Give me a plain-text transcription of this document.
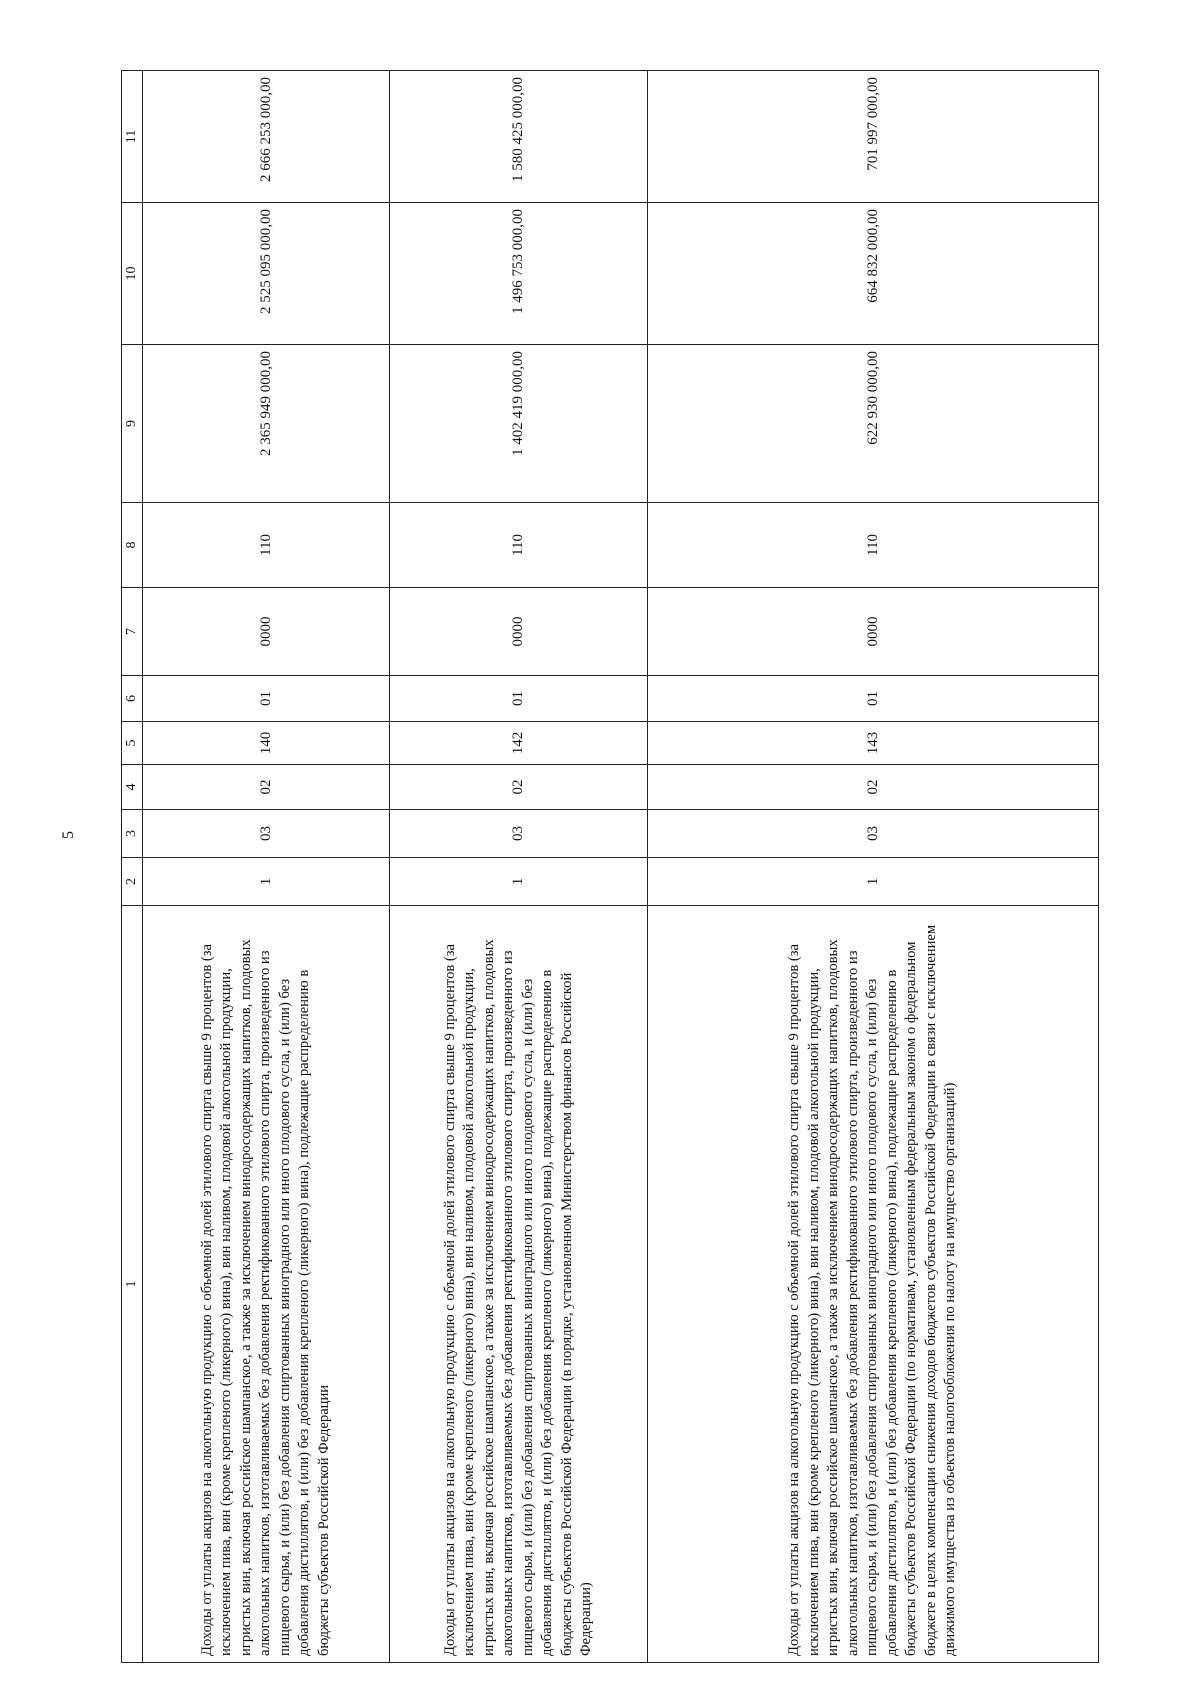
5
1	2	3	4	5	6	7	8	9	10	11
Доходы от уплаты акцизов на алкогольную продукцию с объемной долей этилового спирта свыше 9 процентов (за исключением пива, вин (кроме крепленого (ликерного) вина), вин наливом, плодовой алкогольной продукции, игристых вин, включая российское шампанское, а также за исключением винодросодержащих напитков, плодовых алкогольных напитков, изготавливаемых без добавления ректификованного этилового спирта, произведенного из пищевого сырья, и (или) без добавления спиртованных виноградного или иного плодового сусла, и (или) без добавления дистиллятов, и (или) без добавления крепленого (ликерного) вина), подлежащие распределению в бюджеты субъектов Российской Федерации	1	03	02	140	01	0000	110	2 365 949 000,00	2 525 095 000,00	2 666 253 000,00
Доходы от уплаты акцизов на алкогольную продукцию с объемной долей этилового спирта свыше 9 процентов (за исключением пива, вин (кроме крепленого (ликерного) вина), вин наливом, плодовой алкогольной продукции, игристых вин, включая российское шампанское, а также за исключением винодросодержащих напитков, плодовых алкогольных напитков, изготавливаемых без добавления ректификованного этилового спирта, произведенного из пищевого сырья, и (или) без добавления спиртованных виноградного или иного плодового сусла, и (или) без добавления дистиллятов, и (или) без добавления крепленого (ликерного) вина), подлежащие распределению в бюджеты субъектов Российской Федерации (в порядке, установленном Министерством финансов Российской Федерации)	1	03	02	142	01	0000	110	1 402 419 000,00	1 496 753 000,00	1 580 425 000,00
Доходы от уплаты акцизов на алкогольную продукцию с объемной долей этилового спирта свыше 9 процентов (за исключением пива, вин (кроме крепленого (ликерного) вина), вин наливом, плодовой алкогольной продукции, игристых вин, включая российское шампанское, а также за исключением винодросодержащих напитков, плодовых алкогольных напитков, изготавливаемых без добавления ректификованного этилового спирта, произведенного из пищевого сырья, и (или) без добавления спиртованных виноградного или иного плодового сусла, и (или) без добавления дистиллятов, и (или) без добавления крепленого (ликерного) вина), подлежащие распределению в бюджеты субъектов Российской Федерации (по нормативам, установленным федеральным законом о федеральном бюджете в целях компенсации снижения доходов бюджетов субъектов Российской Федерации в связи с исключением движимого имущества из объектов налогообложения по налогу на имущество организаций)	1	03	02	143	01	0000	110	622 930 000,00	664 832 000,00	701 997 000,00
